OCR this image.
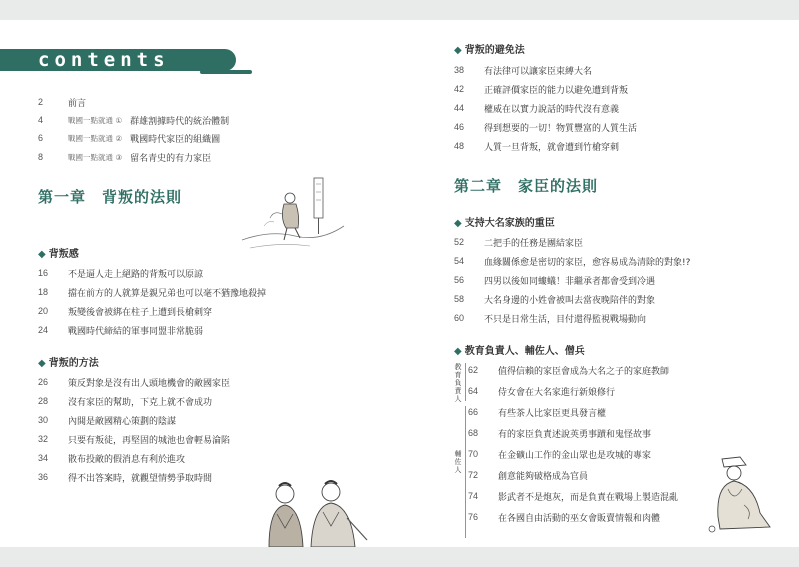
contents
2	前言
4	戰國一點就通 ① 群雄割據時代的統治體制
6	戰國一點就通 ② 戰國時代家臣的組織圖
8	戰國一點就通 ③ 留名青史的有力家臣
第一章　背叛的法則
◆ 背叛感
16	不是逼人走上絕路的背叛可以原諒
18	擋在前方的人就算是親兄弟也可以毫不猶豫地殺掉
20	叛變後會被綁在柱子上遭到長槍刺穿
24	戰國時代締結的軍事同盟非常脆弱
◆ 背叛的方法
26	策反對象是沒有出人頭地機會的敵國家臣
28	沒有家臣的幫助，下克上就不會成功
30	內閧是敵國精心策劃的陰謀
32	只要有叛徒，再堅固的城池也會輕易淪陷
34	散布投敵的假消息有利於進攻
36	得不出答案時，就觀望情勢爭取時間
◆ 背叛的避免法
38	有法律可以讓家臣束縛大名
42	正確評價家臣的能力以避免遭到背叛
44	權威在以實力說話的時代沒有意義
46	得到想要的一切！物質豐富的人質生活
48	人質一旦背叛，就會遭到竹槍穿刺
第二章　家臣的法則
◆ 支持大名家族的重臣
52	二把手的任務是團結家臣
54	血緣關係愈是密切的家臣，愈容易成為清除的對象!?
56	四男以後如同螻蟻！非繼承者都會受到冷遇
58	大名身邊的小姓會被叫去當夜晚陪伴的對象
60	不只是日常生活，目付還得監視戰場動向
◆ 教育負責人、輔佐人、僧兵
教育負責人
輔佐人
62	值得信賴的家臣會成為大名之子的家庭教師
64	侍女會在大名家進行新娘修行
66	有些茶人比家臣更具發言權
68	有的家臣負責述說英勇事蹟和鬼怪故事
70	在金礦山工作的金山眾也是攻城的專家
72	創意能夠破格成為官員
74	影武者不是炮灰，而是負責在戰場上製造混亂
76	在各國自由活動的巫女會販賣情報和肉體
